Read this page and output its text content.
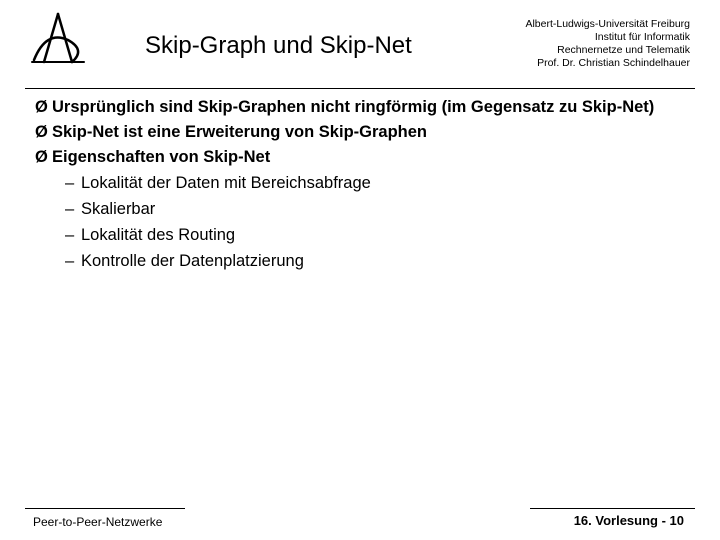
Skip-Graph und Skip-Net
Albert-Ludwigs-Universität Freiburg
Institut für Informatik
Rechnernetze und Telematik
Prof. Dr. Christian Schindelhauer
Ø Ursprünglich sind Skip-Graphen nicht ringförmig (im Gegensatz zu Skip-Net)
Ø Skip-Net ist eine Erweiterung von Skip-Graphen
Ø Eigenschaften von Skip-Net
– Lokalität der Daten mit Bereichsabfrage
– Skalierbar
– Lokalität des Routing
– Kontrolle der Datenplatzierung
Peer-to-Peer-Netzwerke	16. Vorlesung - 10
